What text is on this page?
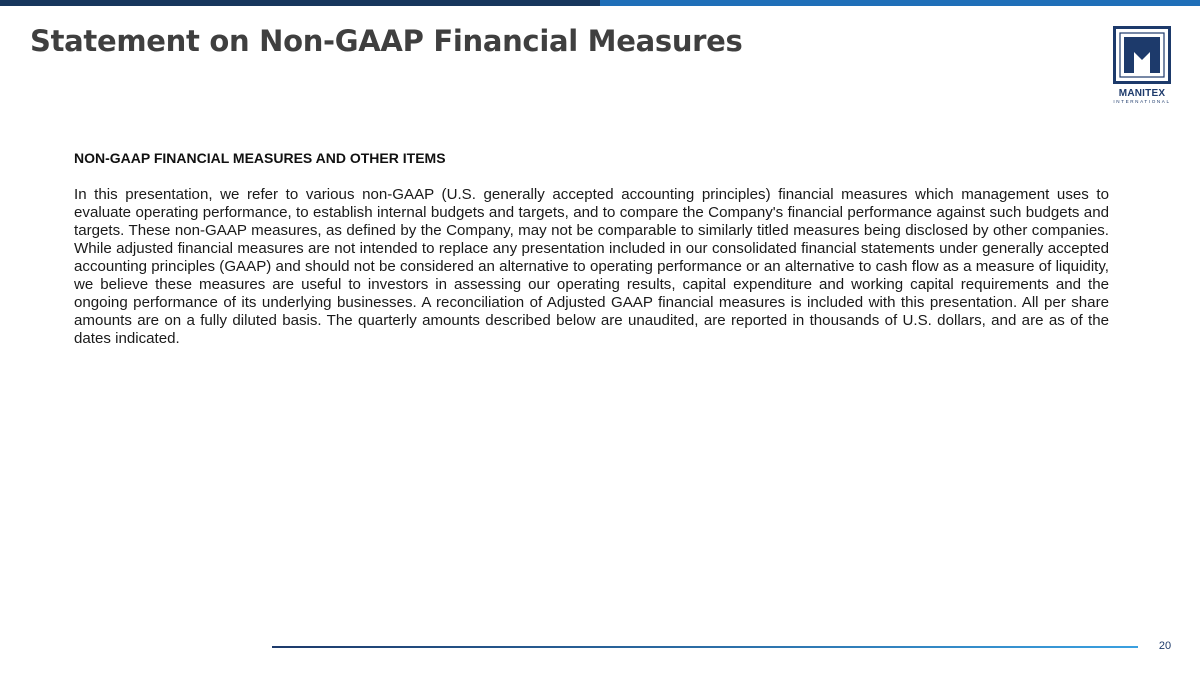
Statement on Non-GAAP Financial Measures
MANITEX
INTERNATIONAL
NON-GAAP FINANCIAL MEASURES AND OTHER ITEMS

In this presentation, we refer to various non-GAAP (U.S. generally accepted accounting principles) financial measures which management uses to evaluate operating performance, to establish internal budgets and targets, and to compare the Company's financial performance against such budgets and targets. These non-GAAP measures, as defined by the Company, may not be comparable to similarly titled measures being disclosed by other companies. While adjusted financial measures are not intended to replace any presentation included in our consolidated financial statements under generally accepted accounting principles (GAAP) and should not be considered an alternative to operating performance or an alternative to cash flow as a measure of liquidity, we believe these measures are useful to investors in assessing our operating results, capital expenditure and working capital requirements and the ongoing performance of its underlying businesses. A reconciliation of Adjusted GAAP financial measures is included with this presentation. All per share amounts are on a fully diluted basis. The quarterly amounts described below are unaudited, are reported in thousands of U.S. dollars, and are as of the dates indicated.

20
